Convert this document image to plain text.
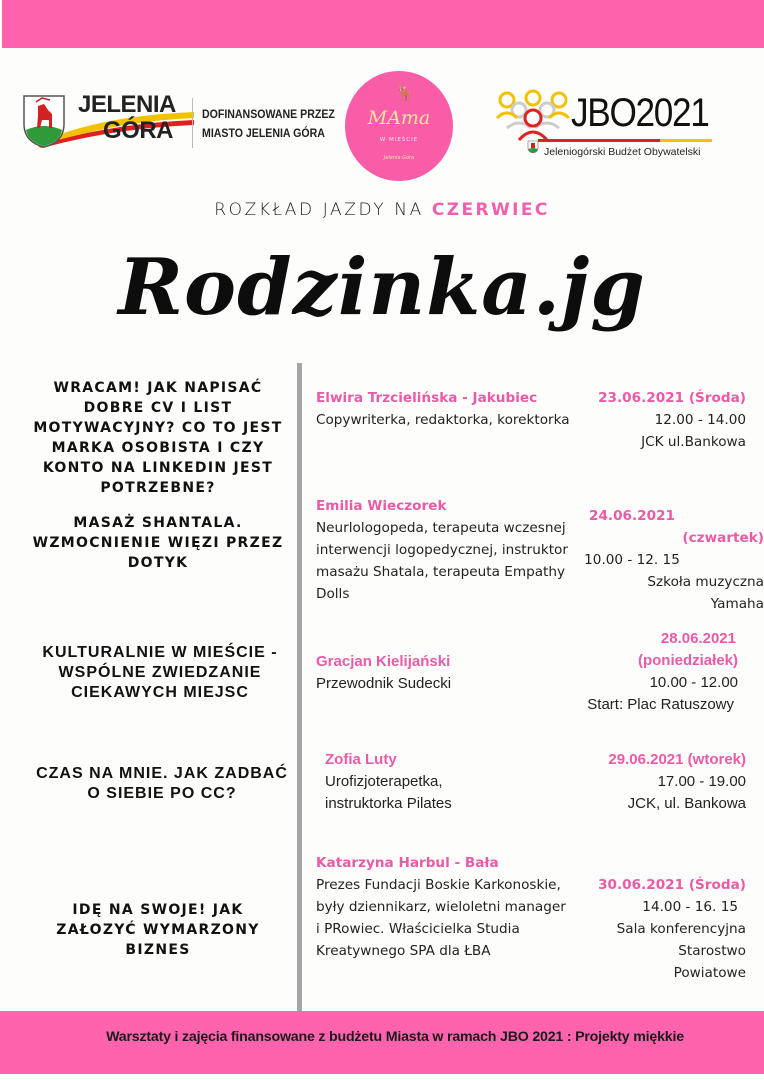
JELENIA
GÓRA
DOFINANSOWANE PRZEZ
MIASTO JELENIA GÓRA
🦌
MAma
W MIEŚCIE
Jelenia Góra
JBO2021
Jeleniogórski Budżet Obywatelski
ROZKŁAD JAZDY NA CZERWIEC
Rodzinka.jg
WRACAM! JAK NAPISAĆ DOBRE CV I LIST MOTYWACYJNY? CO TO JEST MARKA OSOBISTA I CZY KONTO NA LINKEDIN JEST POTRZEBNE?
Elwira Trzcielińska - Jakubiec
Copywriterka, redaktorka, korektorka
23.06.2021 (Środa)
12.00 - 14.00
JCK ul.Bankowa
MASAŻ SHANTALA. WZMOCNIENIE WIĘZI PRZEZ DOTYK
Emilia Wieczorek
Neurlologopeda, terapeuta wczesnej interwencji logopedycznej, instruktor masażu Shatala, terapeuta Empathy Dolls
24.06.2021
(czwartek)
10.00 - 12. 15
Szkoła muzyczna
Yamaha
KULTURALNIE W MIEŚCIE - WSPÓLNE ZWIEDZANIE CIEKAWYCH MIEJSC
Gracjan Kielijański
Przewodnik Sudecki
28.06.2021
(poniedziałek)
10.00 - 12.00
Start: Plac Ratuszowy
CZAS NA MNIE. JAK ZADBAĆ O SIEBIE PO CC?
Zofia Luty
Urofizjoterapetka, instruktorka Pilates
29.06.2021 (wtorek)
17.00 - 19.00
JCK, ul. Bankowa
IDĘ NA SWOJE! JAK ZAŁOZYĆ WYMARZONY BIZNES
Katarzyna Harbul - Bała
Prezes Fundacji Boskie Karkonoskie, były dziennikarz, wieloletni manager i PRowiec. Właścicielka Studia Kreatywnego SPA dla ŁBA
30.06.2021 (Środa)
14.00 - 16. 15
Sala konferencyjna
Starostwo
Powiatowe
Warsztaty i zajęcia finansowane z budżetu Miasta w ramach JBO 2021 : Projekty miękkie
